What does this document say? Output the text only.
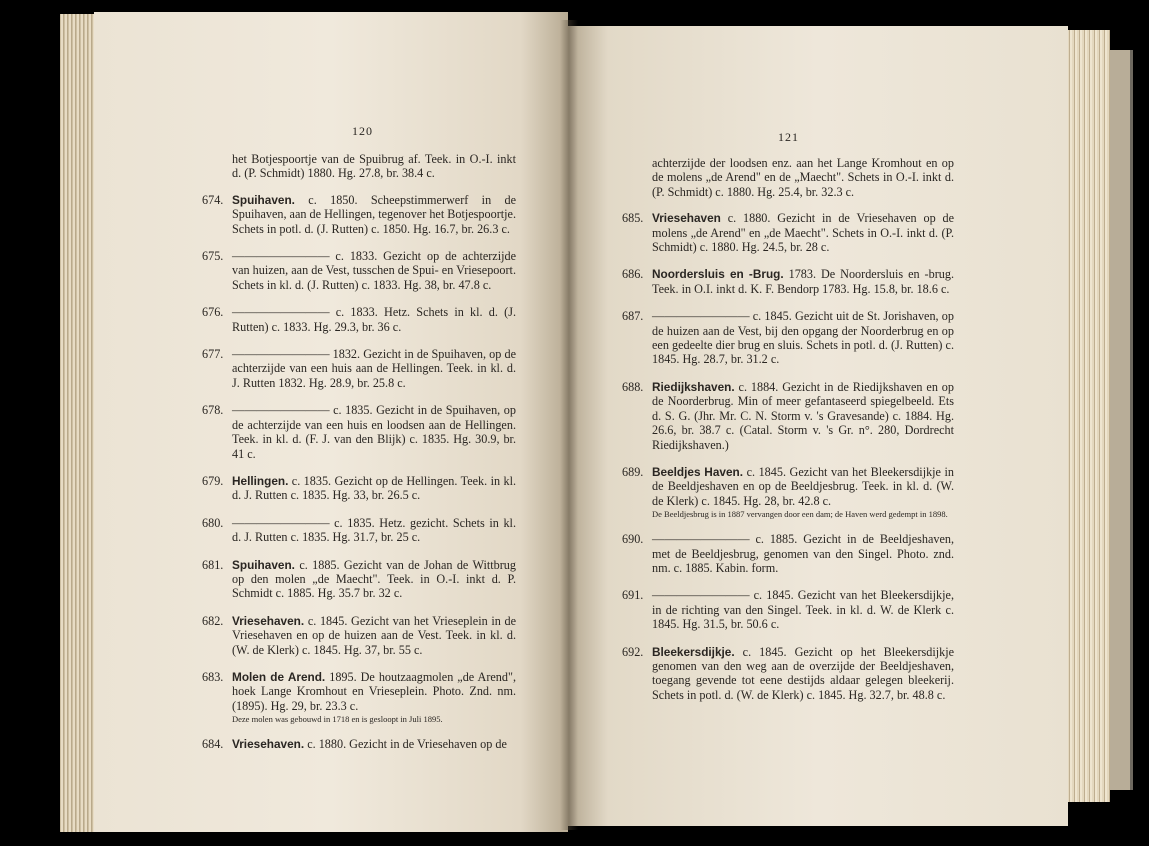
120
het Botjespoortje van de Spuibrug af. Teek. in O.-I. inkt d. (P. Schmidt) 1880. Hg. 27.8, br. 38.4 c.
674. Spuihaven. c. 1850. Scheepstimmerwerf in de Spuihaven, aan de Hellingen, tegenover het Botjespoortje. Schets in potl. d. (J. Rutten) c. 1850. Hg. 16.7, br. 26.3 c.
675. ———————— c. 1833. Gezicht op de achterzijde van huizen, aan de Vest, tusschen de Spui- en Vriesepoort. Schets in kl. d. (J. Rutten) c. 1833. Hg. 38, br. 47.8 c.
676. ———————— c. 1833. Hetz. Schets in kl. d. (J. Rutten) c. 1833. Hg. 29.3, br. 36 c.
677. ———————— 1832. Gezicht in de Spuihaven, op de achterzijde van een huis aan de Hellingen. Teek. in kl. d. J. Rutten 1832. Hg. 28.9, br. 25.8 c.
678. ———————— c. 1835. Gezicht in de Spuihaven, op de achterzijde van een huis en loodsen aan de Hellingen. Teek. in kl. d. (F. J. van den Blijk) c. 1835. Hg. 30.9, br. 41 c.
679. Hellingen. c. 1835. Gezicht op de Hellingen. Teek. in kl. d. J. Rutten c. 1835. Hg. 33, br. 26.5 c.
680. ———————— c. 1835. Hetz. gezicht. Schets in kl. d. J. Rutten c. 1835. Hg. 31.7, br. 25 c.
681. Spuihaven. c. 1885. Gezicht van de Johan de Wittbrug op den molen „de Maecht". Teek. in O.-I. inkt d. P. Schmidt c. 1885. Hg. 35.7 br. 32 c.
682. Vriesehaven. c. 1845. Gezicht van het Vrieseplein in de Vriesehaven en op de huizen aan de Vest. Teek. in kl. d. (W. de Klerk) c. 1845. Hg. 37, br. 55 c.
683. Molen de Arend. 1895. De houtzaagmolen „de Arend", hoek Lange Kromhout en Vrieseplein. Photo. Znd. nm. (1895). Hg. 29, br. 23.3 c.
Deze molen was gebouwd in 1718 en is gesloopt in Juli 1895.
684. Vriesehaven. c. 1880. Gezicht in de Vriesehaven op de
121
achterzijde der loodsen enz. aan het Lange Kromhout en op de molens „de Arend" en de „Maecht". Schets in O.-I. inkt d. (P. Schmidt) c. 1880. Hg. 25.4, br. 32.3 c.
685. Vriesehaven c. 1880. Gezicht in de Vriesehaven op de molens „de Arend" en „de Maecht". Schets in O.-I. inkt d. (P. Schmidt) c. 1880. Hg. 24.5, br. 28 c.
686. Noordersluis en -Brug. 1783. De Noordersluis en -brug. Teek. in O.I. inkt d. K. F. Bendorp 1783. Hg. 15.8, br. 18.6 c.
687. ———————— c. 1845. Gezicht uit de St. Jorishaven, op de huizen aan de Vest, bij den opgang der Noorderbrug en op een gedeelte dier brug en sluis. Schets in potl. d. (J. Rutten) c. 1845. Hg. 28.7, br. 31.2 c.
688. Riedijkshaven. c. 1884. Gezicht in de Riedijkshaven en op de Noorderbrug. Min of meer gefantaseerd spiegelbeeld. Ets d. S. G. (Jhr. Mr. C. N. Storm v. 's Gravesande) c. 1884. Hg. 26.6, br. 38.7 c. (Catal. Storm v. 's Gr. n°. 280, Dordrecht Riedijkshaven.)
689. Beeldjes Haven. c. 1845. Gezicht van het Bleekersdijkje in de Beeldjeshaven en op de Beeldjesbrug. Teek. in kl. d. (W. de Klerk) c. 1845. Hg. 28, br. 42.8 c.
De Beeldjesbrug is in 1887 vervangen door een dam; de Haven werd gedempt in 1898.
690. ———————— c. 1885. Gezicht in de Beeldjeshaven, met de Beeldjesbrug, genomen van den Singel. Photo. znd. nm. c. 1885. Kabin. form.
691. ———————— c. 1845. Gezicht van het Bleekersdijkje, in de richting van den Singel. Teek. in kl. d. W. de Klerk c. 1845. Hg. 31.5, br. 50.6 c.
692. Bleekersdijkje. c. 1845. Gezicht op het Bleekersdijkje genomen van den weg aan de overzijde der Beeldjeshaven, toegang gevende tot eene destijds aldaar gelegen bleekerij. Schets in potl. d. (W. de Klerk) c. 1845. Hg. 32.7, br. 48.8 c.
